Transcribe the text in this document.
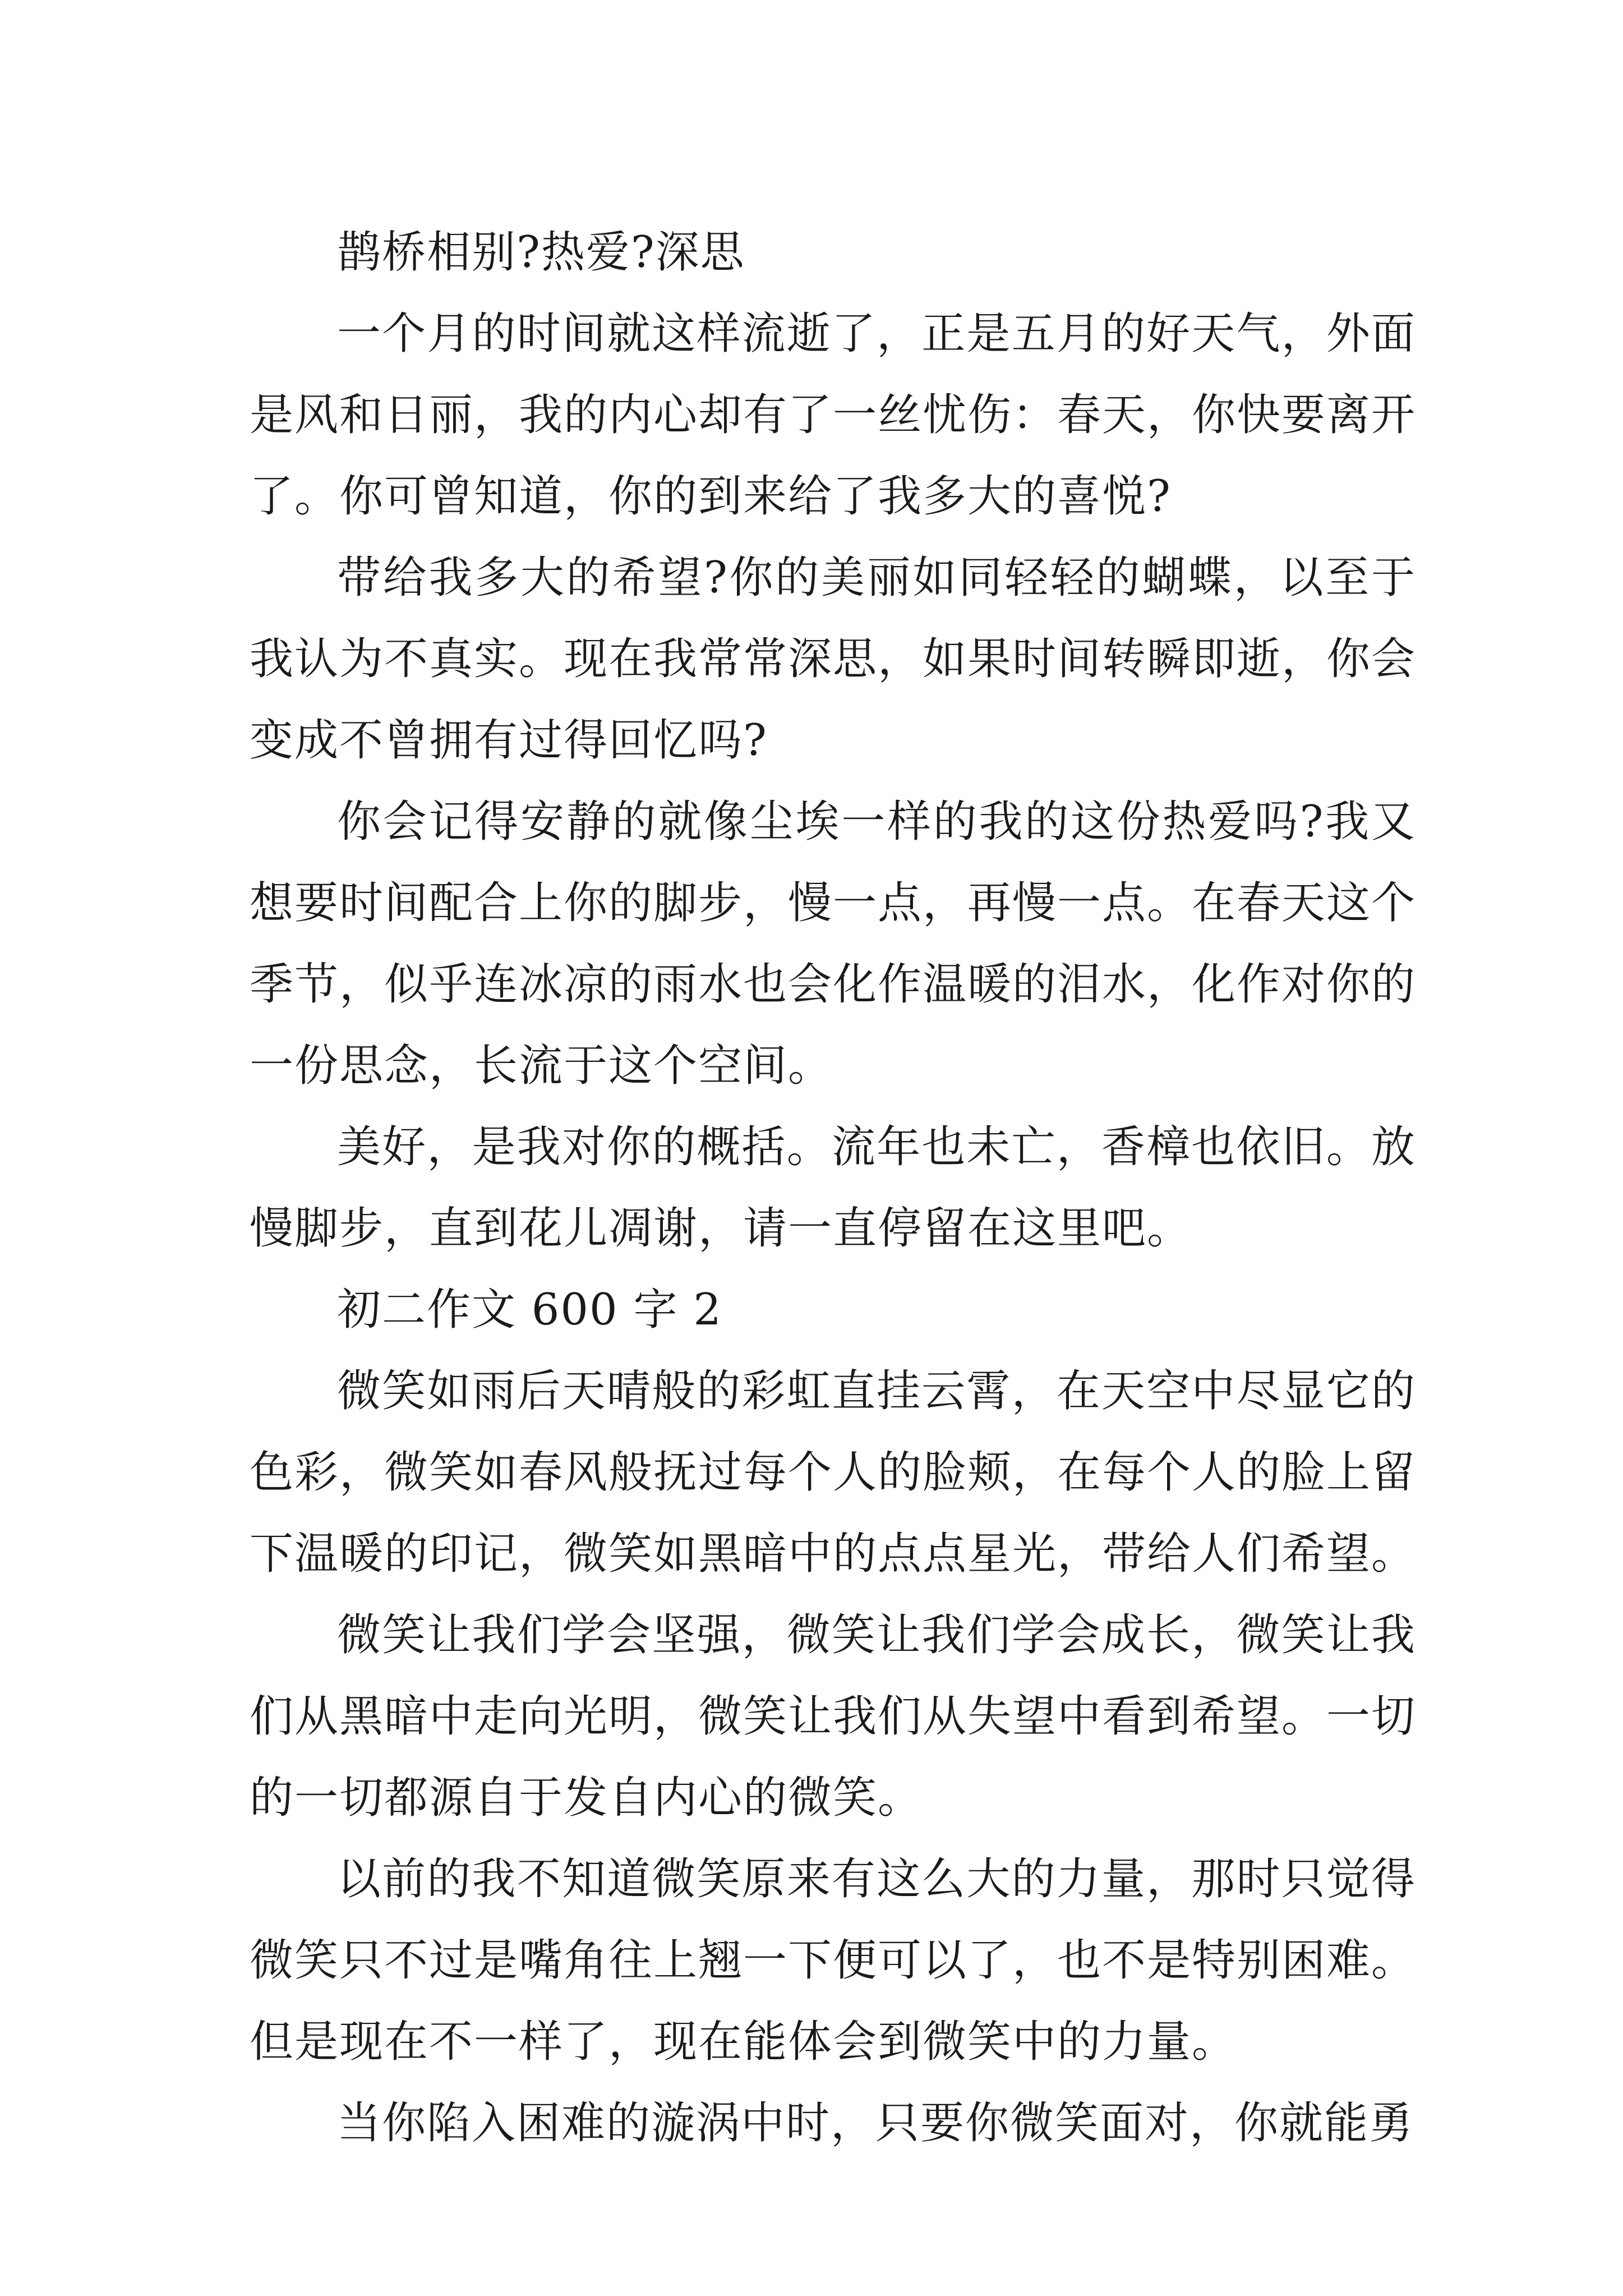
鹊桥相别?热爱?深思

一个月的时间就这样流逝了，正是五月的好天气，外面是风和日丽，我的内心却有了一丝忧伤：春天，你快要离开了。你可曾知道，你的到来给了我多大的喜悦?

带给我多大的希望?你的美丽如同轻轻的蝴蝶，以至于我认为不真实。现在我常常深思，如果时间转瞬即逝，你会变成不曾拥有过得回忆吗?

你会记得安静的就像尘埃一样的我的这份热爱吗?我又想要时间配合上你的脚步，慢一点，再慢一点。在春天这个季节，似乎连冰凉的雨水也会化作温暖的泪水，化作对你的一份思念，长流于这个空间。

美好，是我对你的概括。流年也未亡，香樟也依旧。放慢脚步，直到花儿凋谢，请一直停留在这里吧。

初二作文 600 字 2

微笑如雨后天晴般的彩虹直挂云霄，在天空中尽显它的色彩，微笑如春风般抚过每个人的脸颊，在每个人的脸上留下温暖的印记，微笑如黑暗中的点点星光，带给人们希望。

微笑让我们学会坚强，微笑让我们学会成长，微笑让我们从黑暗中走向光明，微笑让我们从失望中看到希望。一切的一切都源自于发自内心的微笑。

以前的我不知道微笑原来有这么大的力量，那时只觉得微笑只不过是嘴角往上翘一下便可以了，也不是特别困难。但是现在不一样了，现在能体会到微笑中的力量。

当你陷入困难的漩涡中时，只要你微笑面对，你就能勇
